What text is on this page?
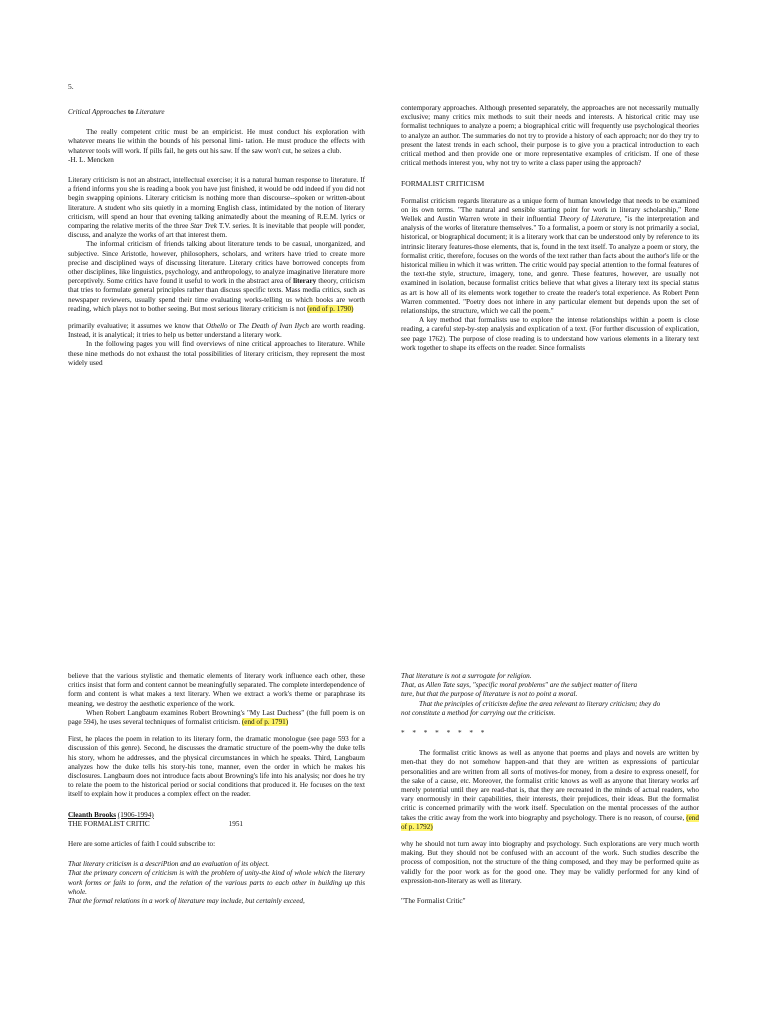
5.

Critical Approaches to Literature

The really competent critic must be an empiricist. He must conduct his exploration with whatever means lie within the bounds of his personal limi- tation. He must produce the effects with whatever tools will work. If pills fail, he gets out his saw. If the saw won't cut, he seizes a club.

-H. L. Mencken

Literary criticism is not an abstract, intellectual exercise; it is a natural human response to literature. If a friend informs you she is reading a book you have just finished, it would be odd indeed if you did not begin swapping opinions. Literary criticism is nothing more than discourse--spoken or written-about literature. A student who sits quietly in a morning English class, intimidated by the notion of literary criticism, will spend an hour that evening talking animatedly about the meaning of R.E.M. lyrics or comparing the relative merits of the three Star Trek T.V. series. It is inevitable that people will ponder, discuss, and analyze the works of art that interest them.

The informal criticism of friends talking about literature tends to be casual, unorganized, and subjective. Since Aristotle, however, philosophers, scholars, and writers have tried to create more precise and disciplined ways of discussing literature. Literary critics have borrowed concepts from other disciplines, like linguistics, psychology, and anthropology, to analyze imaginative literature more perceptively. Some critics have found it useful to work in the abstract area of literary theory, criticism that tries to formulate general principles rather than discuss specific texts. Mass media critics, such as newspaper reviewers, usually spend their time evaluating works-telling us which books are worth reading, which plays not to bother seeing. But most serious literary criticism is not (end of p. 1790)

primarily evaluative; it assumes we know that Othello or The Death of Ivan Ilych are worth reading. Instead, it is analytical; it tries to help us better understand a literary work.

In the following pages you will find overviews of nine critical approaches to literature. While these nine methods do not exhaust the total possibilities of literary criticism, they represent the most widely used

contemporary approaches. Although presented separately, the approaches are not necessarily mutually exclusive; many critics mix methods to suit their needs and interests. A historical critic may use formalist techniques to analyze a poem; a biographical critic will frequently use psychological theories to analyze an author. The summaries do not try to provide a history of each approach; nor do they try to present the latest trends in each school, their purpose is to give you a practical introduction to each critical method and then provide one or more representative examples of criticism. If one of these critical methods interest you, why not try to write a class paper using the approach?

FORMALIST CRITICISM

Formalist criticism regards literature as a unique form of human knowledge that needs to be examined on its own terms. "The natural and sensible starting point for work in literary scholarship," Rene Wellek and Austin Warren wrote in their influential Theory of Literature, "is the interpretation and analysis of the works of literature themselves." To a formalist, a poem or story is not primarily a social, historical, or biographical document; it is a literary work that can be understood only by reference to its intrinsic literary features-those elements, that is, found in the text itself. To analyze a poem or story, the formalist critic, therefore, focuses on the words of the text rather than facts about the author's life or the historical milieu in which it was written. The critic would pay special attention to the formal features of the text-the style, structure, imagery, tone, and genre. These features, however, are usually not examined in isolation, because formalist critics believe that what gives a literary text its special status as art is how all of its elements work together to create the reader's total experience. As Robert Penn Warren commented. "Poetry does not inhere in any particular element but depends upon the set of relationships, the structure, which we call the poem."

A key method that formalists use to explore the intense relationships within a poem is close reading, a careful step-by-step analysis and explication of a text. (For further discussion of explication, see page 1762). The purpose of close reading is to understand how various elements in a literary text work together to shape its effects on the reader. Since formalists

believe that the various stylistic and thematic elements of literary work influence each other, these critics insist that form and content cannot be meaningfully separated. The complete interdependence of form and content is what makes a text literary. When we extract a work's theme or paraphrase its meaning, we destroy the aesthetic experience of the work.

When Robert Langbaum examines Robert Browning's "My Last Duchess" (the full poem is on page 594), he uses several techniques of formalist criticism. (end of p. 1791)

First, he places the poem in relation to its literary form, the dramatic monologue (see page 593 for a discussion of this genre). Second, he discusses the dramatic structure of the poem-why the duke tells his story, whom he addresses, and the physical circumstances in which he speaks. Third, Langbaum analyzes how the duke tells his story-his tone, manner, even the order in which he makes his disclosures. Langbaum does not introduce facts about Browning's life into his analysis; nor does he try to relate the poem to the historical period or social conditions that produced it. He focuses on the text itself to explain how it produces a complex effect on the reader.

Cleanth Brooks (1906-1994)

THE FORMALIST CRITIC	1951

Here are some articles of faith I could subscribe to:

That literary criticism is a descriPtion and an evaluation of its object.

That the primary concern of criticism is with the problem of unity-the kind of whole which the literary work forms or fails to form, and the relation of the various parts to each other in building up this whole.

That the formal relations in a work of literature may include, but certainly exceed,

That literature is not a surrogate for religion.

That, as Allen Tate says, "specific moral problems" are the subject matter of litera

ture, but that the purpose of literature is not to point a moral.

That the principles of criticism define the area relevant to literary criticism; they do

not constitute a method for carrying out the criticism.

* * * * * * * *

The formalist critic knows as well as anyone that poems and plays and novels are written by men-that they do not somehow happen-and that they are written as expressions of particular personalities and are written from all sorts of motives-for money, from a desire to express oneself, for the sake of a cause, etc. Moreover, the formalist critic knows as well as anyone that literary works arf merely potential until they are read-that is, that they are recreated in the minds of actual readers, who vary enormously in their capabilities, their interests, their prejudices, their ideas. But the formalist critic is concerned primarily with the work itself. Speculation on the mental processes of the author takes the critic away from the work into biography and psychology. There is no reason, of course, (end of p. 1792)

why he should not turn away into biography and psychology. Such explorations are very much worth making. But they should not be confused with an account of the work. Such studies describe the process of composition, not the structure of the thing composed, and they may be performed quite as validly for the poor work as for the good one. They may be validly performed for any kind of expression-non-literary as well as literary.

"The Formalist Critic"
